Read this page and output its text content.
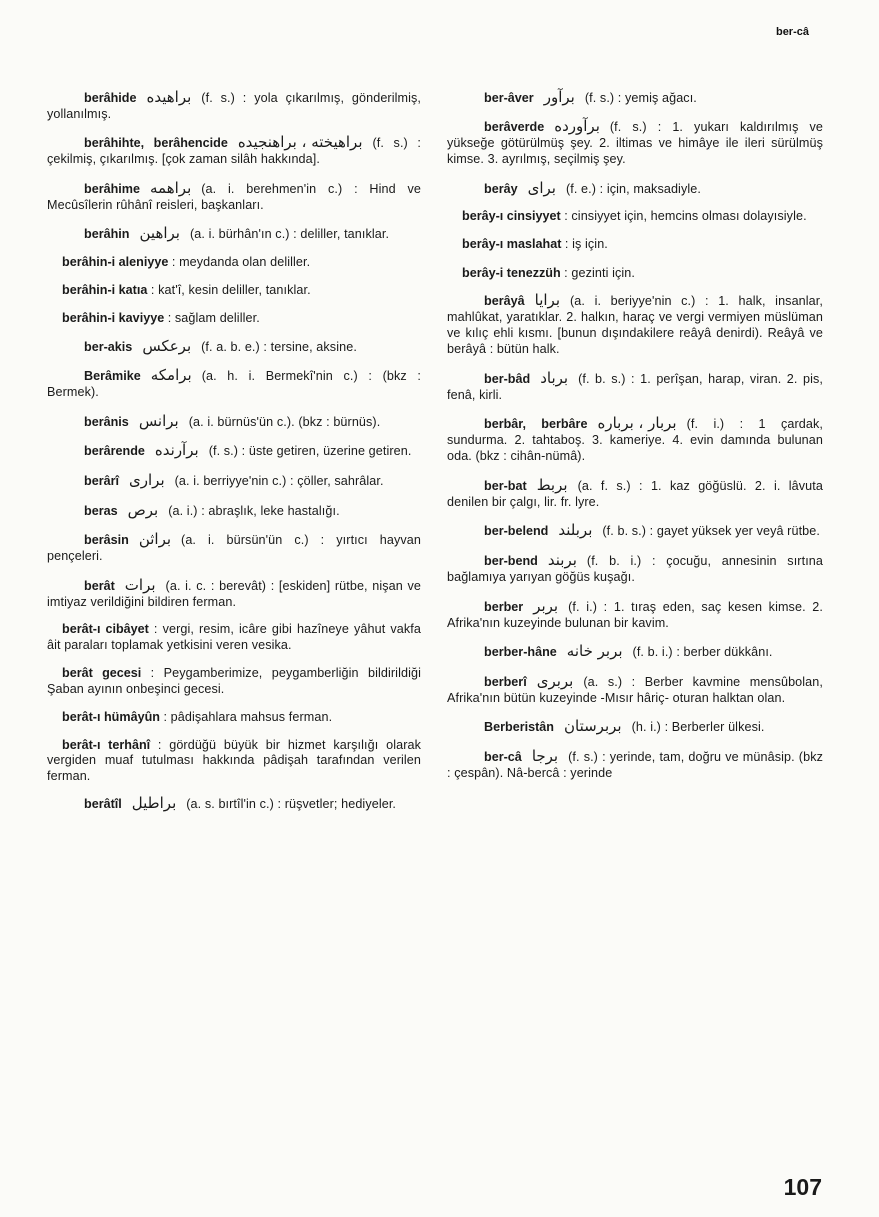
ber-câ

berâhide براهیده (f. s.) : yola çıkarılmış, gönderilmiş, yollanılmış.

berâhihte, berâhencide براهیخته ، براهنجیده (f. s.) : çekilmiş, çıkarılmış. [çok zaman silâh hakkında].

berâhime براهمه (a. i. berehmen'in c.) : Hind ve Mecûsîlerin rûhânî reisleri, başkanları.

berâhin براهین (a. i. bürhân'ın c.) : deliller, tanıklar.

berâhin-i aleniyye : meydanda olan deliller.

berâhin-i katıa : kat'î, kesin deliller, tanıklar.

berâhin-i kaviyye : sağlam deliller.

ber-akis برعکس (f. a. b. e.) : tersine, aksine.

Berâmike برامکه (a. h. i. Bermekî'nin c.) : (bkz : Bermek).

berânis برانس (a. i. bürnüs'ün c.). (bkz : bürnüs).

berârende برآرنده (f. s.) : üste getiren, üzerine getiren.

berârî براری (a. i. berriyye'nin c.) : çöller, sahrâlar.

beras برص (a. i.) : abraşlık, leke hastalığı.

berâsin براثن (a. i. bürsün'ün c.) : yırtıcı hayvan pençeleri.

berât برات (a. i. c. : berevât) : [eskiden] rütbe, nişan ve imtiyaz verildiğini bildiren ferman.

berât-ı cibâyet : vergi, resim, icâre gibi hazîneye yâhut vakfa âit paraları toplamak yetkisini veren vesika.

berât gecesi : Peygamberimize, peygamberliğin bildirildiği Şaban ayının onbeşinci gecesi.

berât-ı hümâyûn : pâdişahlara mahsus ferman.

berât-ı terhânî : gördüğü büyük bir hizmet karşılığı olarak vergiden muaf tutulması hakkında pâdişah tarafından verilen ferman.

berâtîl براطیل (a. s. bırtîl'in c.) : rüşvetler; hediyeler.

ber-âver برآور (f. s.) : yemiş ağacı.

berâverde برآورده (f. s.) : 1. yukarı kaldırılmış ve yükseğe götürülmüş şey. 2. iltimas ve himâye ile ileri sürülmüş kimse. 3. ayrılmış, seçilmiş şey.

berây برای (f. e.) : için, maksadiyle.

berây-ı cinsiyyet : cinsiyyet için, hemcins olması dolayısiyle.

berây-ı maslahat : iş için.

berây-i tenezzüh : gezinti için.

berâyâ برایا (a. i. beriyye'nin c.) : 1. halk, insanlar, mahlûkat, yaratıklar. 2. halkın, haraç ve vergi vermiyen müslüman ve kılıç ehli kısmı. [bunun dışındakilere reâyâ denirdi). Reâyâ ve berâyâ : bütün halk.

ber-bâd برباد (f. b. s.) : 1. perîşan, harap, viran. 2. pis, fenâ, kirli.

berbâr, berbâre بربار ، برباره (f. i.) : 1 çardak, sundurma. 2. tahtaboş. 3. kameriye. 4. evin damında bulunan oda. (bkz : cihân-nümâ).

ber-bat بربط (a. f. s.) : 1. kaz göğüslü. 2. i. lâvuta denilen bir çalgı, lir. fr. lyre.

ber-belend بربلند (f. b. s.) : gayet yüksek yer veyâ rütbe.

ber-bend بربند (f. b. i.) : çocuğu, annesinin sırtına bağlamıya yarıyan göğüs kuşağı.

berber بربر (f. i.) : 1. tıraş eden, saç kesen kimse. 2. Afrika'nın kuzeyinde bulunan bir kavim.

berber-hâne بربر خانه (f. b. i.) : berber dükkânı.

berberî بربری (a. s.) : Berber kavmine mensûbolan, Afrika'nın bütün kuzeyinde -Mısır hâriç- oturan halktan olan.

Berberistân بربرستان (h. i.) : Berberler ülkesi.

ber-câ برجا (f. s.) : yerinde, tam, doğru ve münâsip. (bkz : çespân). Nâ-bercâ : yerinde

107
